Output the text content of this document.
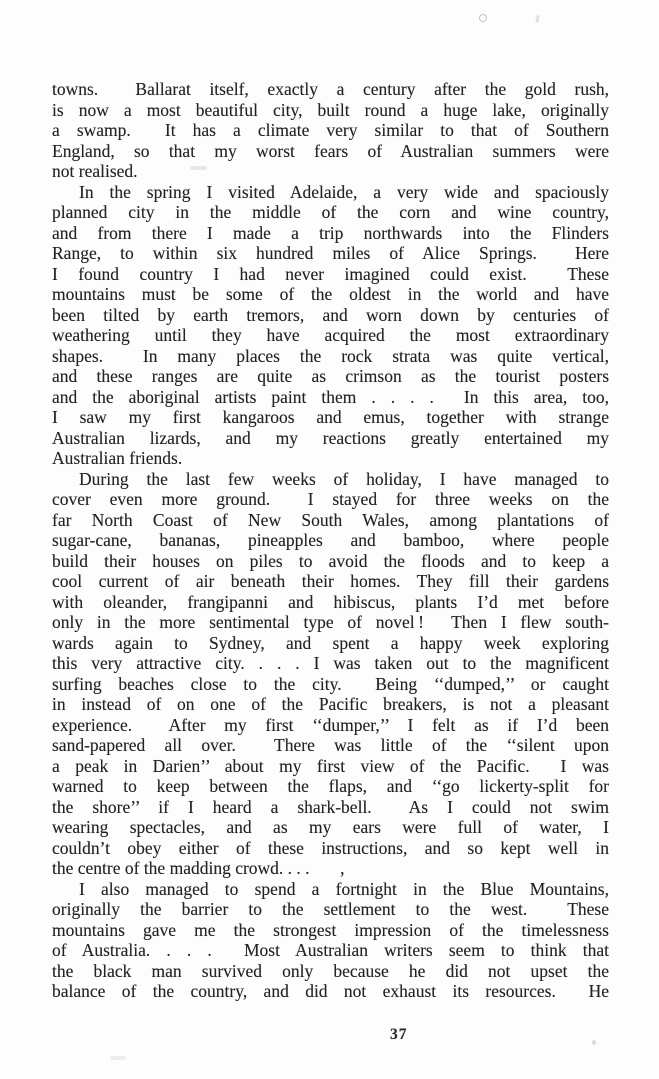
towns.  Ballarat itself, exactly a century after the gold rush,
is now a most beautiful city, built round a huge lake, originally
a swamp.  It has a climate very similar to that of Southern
England, so that my worst fears of Australian summers were
not realised.

In the spring I visited Adelaide, a very wide and spaciously
planned city in the middle of the corn and wine country,
and from there I made a trip northwards into the Flinders
Range, to within six hundred miles of Alice Springs.  Here
I found country I had never imagined could exist.  These
mountains must be some of the oldest in the world and have
been tilted by earth tremors, and worn down by centuries of
weathering until they have acquired the most extraordinary
shapes.  In many places the rock strata was quite vertical,
and these ranges are quite as crimson as the tourist posters
and the aboriginal artists paint them . . . .  In this area, too,
I saw my first kangaroos and emus, together with strange
Australian lizards, and my reactions greatly entertained my
Australian friends.

During the last few weeks of holiday, I have managed to
cover even more ground.  I stayed for three weeks on the
far North Coast of New South Wales, among plantations of
sugar-cane, bananas, pineapples and bamboo, where people
build their houses on piles to avoid the floods and to keep a
cool current of air beneath their homes. They fill their gardens
with oleander, frangipanni and hibiscus, plants I’d met before
only in the more sentimental type of novel !  Then I flew south-
wards again to Sydney, and spent a happy week exploring
this very attractive city. . . . I was taken out to the magnificent
surfing beaches close to the city.  Being ‘‘dumped,’’ or caught
in instead of on one of the Pacific breakers, is not a pleasant
experience.  After my first ‘‘dumper,’’ I felt as if I’d been
sand-papered all over.  There was little of the ‘‘silent upon
a peak in Darien’’ about my first view of the Pacific.  I was
warned to keep between the flaps, and ‘‘go lickerty-split for
the shore’’ if I heard a shark-bell.  As I could not swim
wearing spectacles, and as my ears were full of water, I
couldn’t obey either of these instructions, and so kept well in
the centre of the madding crowd. . . .       ,

I also managed to spend a fortnight in the Blue Mountains,
originally the barrier to the settlement to the west.  These
mountains gave me the strongest impression of the timelessness
of Australia. . . .  Most Australian writers seem to think that
the black man survived only because he did not upset the
balance of the country, and did not exhaust its resources.  He

37
